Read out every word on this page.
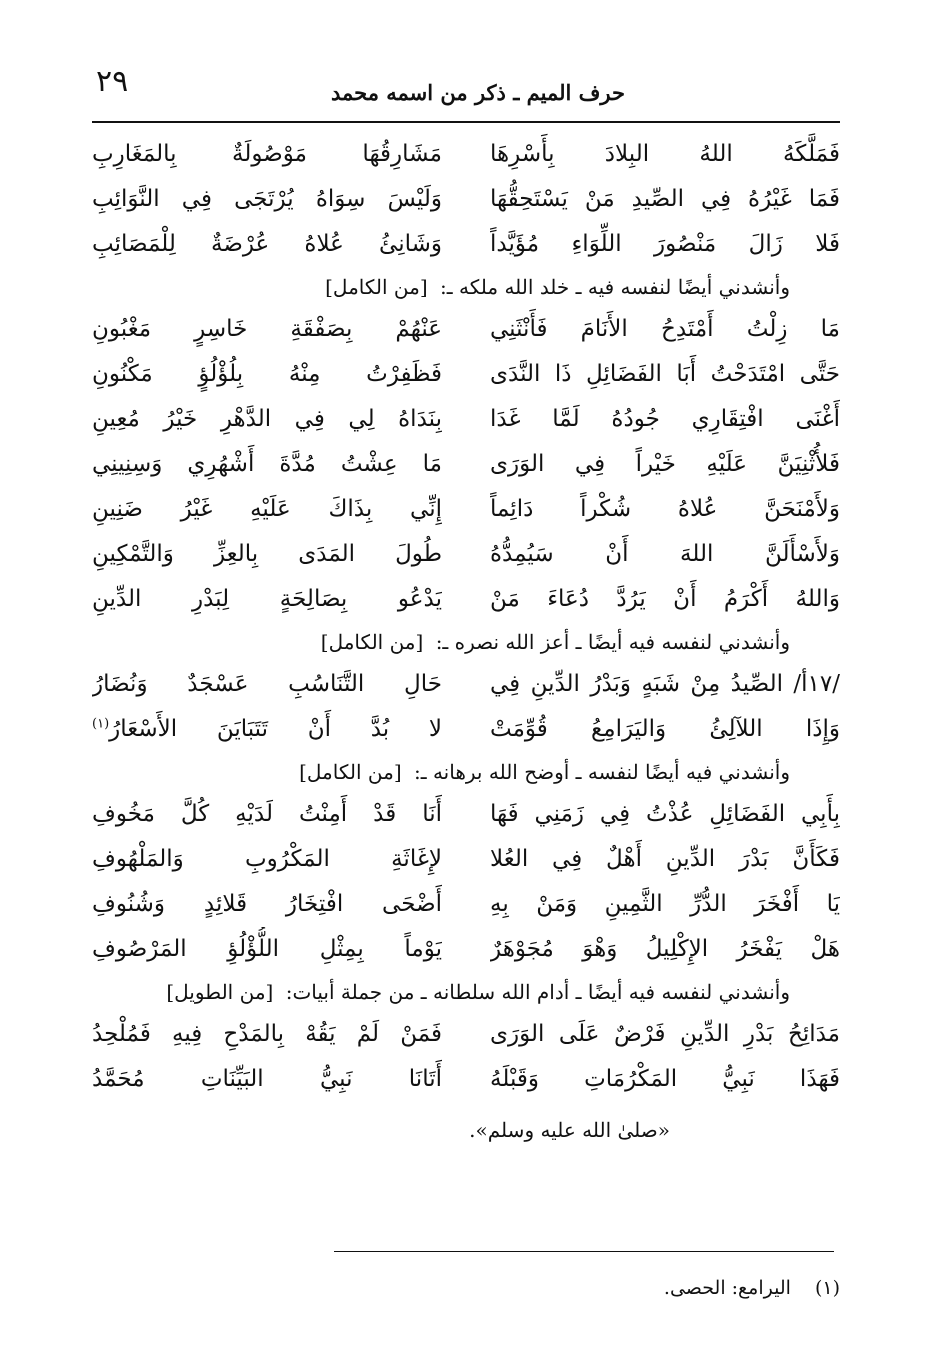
٢٩	حرف الميم ـ ذكر من اسمه محمد
فَمَلَّكَهُ اللهُ البِلادَ بِأَسْرِهَا
مَشَارِقُهَا مَوْصُولَةٌ بِالمَغَارِبِ
فَمَا غَيْرُهُ فِي الصِّيدِ مَنْ يَسْتَحِقُّهَا
وَلَيْسَ سِوَاهُ يُرْتَجَى فِي النَّوَائِبِ
فَلا زَالَ مَنْصُورَ اللِّوَاءِ مُؤَيَّداً
وَشَانِئُ عُلاهُ عُرْضَةٌ لِلْمَصَائِبِ
وأنشدني أيضًا لنفسه فيه ـ خلد الله ملكه ـ: [من الكامل]
مَا زِلْتُ أَمْتَدِحُ الأَنَامَ فَأَنْثَنِي
عَنْهُمْ بِصَفْقَةِ خَاسِرٍ مَغْبُونِ
حَتَّى امْتَدَحْتُ أَبَا الفَضَائِلِ ذَا النَّدَى
فَظَفِرْتُ مِنْهُ بِلُؤْلُؤٍ مَكْنُونِ
أَغْنَى افْتِقَارِي جُودُهُ لَمَّا غَدَا
بِنَدَاهُ لِي فِي الدَّهْرِ خَيْرُ مُعِينِ
فَلأُثْنِيَنَّ عَلَيْهِ خَيْراً فِي الوَرَى
مَا عِشْتُ مُدَّةَ أَشْهُرِي وَسِنِينِي
وَلأَمْنَحَنَّ عُلاهُ شُكْراً دَائِماً
إِنِّي بِذَاكَ عَلَيْهِ غَيْرُ ضَنِينِ
وَلأَسْأَلَنَّ اللهَ أَنْ سَيُمِدُّهُ
طُولَ المَدَى بِالعِزِّ وَالتَّمْكِينِ
وَاللهُ أَكْرَمُ أَنْ يَرُدَّ دُعَاءَ مَنْ
يَدْعُو بِصَالِحَةٍ لِبَدْرِ الدِّينِ
وأنشدني لنفسه فيه أيضًا ـ أعز الله نصره ـ: [من الكامل]
/١٧أ/ الصِّيدُ مِنْ شَبَهٍ وَبَدْرُ الدِّينِ فِي
حَالِ التَّنَاسُبِ عَسْجَدٌ وَنُضَارُ
وَإِذَا اللآلِئُ وَاليَرَامِعُ قُوِّمَتْ
لا بُدَّ أَنْ تَتَبَايَنَ الأَسْعَارُ$^{(١)}$
وأنشدني فيه أيضًا لنفسه ـ أوضح الله برهانه ـ: [من الكامل]
بِأَبِي الفَضَائِلِ عُذْتُ فِي زَمَنِي فَهَا
أَنَا قَدْ أَمِنْتُ لَدَيْهِ كُلَّ مَخُوفِ
فَكَأَنَّ بَدْرَ الدِّينِ أَهْلٌ فِي العُلا
لإِغَاثَةِ المَكْرُوبِ وَالمَلْهُوفِ
يَا أَفْخَرَ الدُّرِّ الثَّمِينِ وَمَنْ بِهِ
أَضْحَى افْتِخَارُ قَلائِدٍ وَشُنُوفِ
هَلْ يَفْخَرُ الإِكْلِيلُ وَهْوَ مُجَوْهَرٌ
يَوْماً بِمِثْلِ اللُّؤْلُؤِ المَرْصُوفِ
وأنشدني لنفسه فيه أيضًا ـ أدام الله سلطانه ـ من جملة أبيات: [من الطويل]
مَدَائِحُ بَدْرِ الدِّينِ فَرْضٌ عَلَى الوَرَى
فَمَنْ لَمْ يَقُهْ بِالمَدْحِ فِيهِ فَمُلْحِدُ
فَهَذَا نَبِيُّ المَكْرُمَاتِ وَقَبْلَهُ
أَتَانَا نَبِيُّ البَيِّنَاتِ مُحَمَّدُ
«صلىٰ الله عليه وسلم».
(١) اليرامع: الحصى.
